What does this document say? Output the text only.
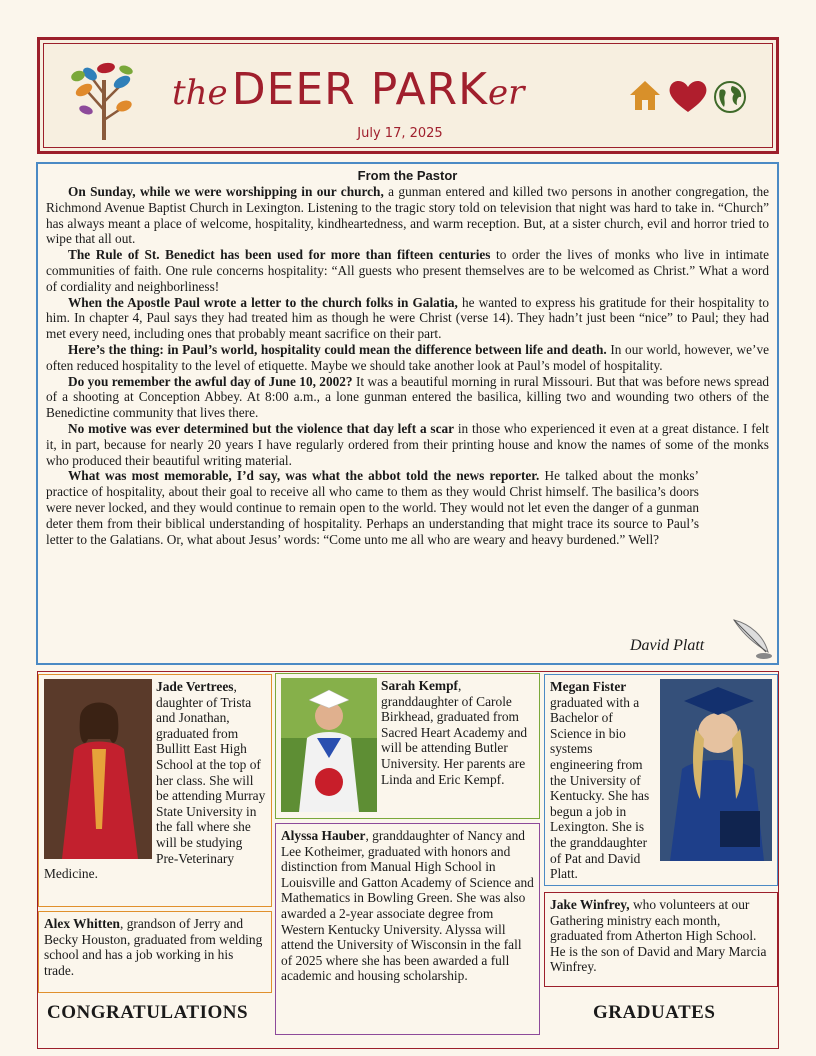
the DEER PARKer
July 17, 2025
From the Pastor

On Sunday, while we were worshipping in our church, a gunman entered and killed two persons in another congregation, the Richmond Avenue Baptist Church in Lexington. Listening to the tragic story told on television that night was hard to take in. “Church” has always meant a place of welcome, hospitality, kindheartedness, and warm reception. But, at a sister church, evil and horror tried to wipe that all out.

The Rule of St. Benedict has been used for more than fifteen centuries to order the lives of monks who live in intimate communities of faith. One rule concerns hospitality: “All guests who present themselves are to be welcomed as Christ.” What a word of cordiality and neighborliness!

When the Apostle Paul wrote a letter to the church folks in Galatia, he wanted to express his gratitude for their hospitality to him. In chapter 4, Paul says they had treated him as though he were Christ (verse 14). They hadn’t just been “nice” to Paul; they had met every need, including ones that probably meant sacrifice on their part.

Here’s the thing: in Paul’s world, hospitality could mean the difference between life and death. In our world, however, we’ve often reduced hospitality to the level of etiquette. Maybe we should take another look at Paul’s model of hospitality.

Do you remember the awful day of June 10, 2002? It was a beautiful morning in rural Missouri. But that was before news spread of a shooting at Conception Abbey. At 8:00 a.m., a lone gunman entered the basilica, killing two and wounding two others of the Benedictine community that lives there.

No motive was ever determined but the violence that day left a scar in those who experienced it even at a great distance. I felt it, in part, because for nearly 20 years I have regularly ordered from their printing house and know the names of some of the monks who produced their beautiful writing material.

What was most memorable, I’d say, was what the abbot told the news reporter. He talked about the monks’ practice of hospitality, about their goal to receive all who came to them as they would Christ himself. The basilica’s doors were never locked, and they would continue to remain open to the world. They would not let even the danger of a gunman deter them from their biblical understanding of hospitality. Perhaps an understanding that might trace its source to Paul’s letter to the Galatians. Or, what about Jesus’ words: “Come unto me all who are weary and heavy burdened.” Well?

David Platt
Jade Vertrees, daughter of Trista and Jonathan, graduated from Bullitt East High School at the top of her class. She will be attending Murray State University in the fall where she will be studying Pre-Veterinary Medicine.
Alex Whitten, grandson of Jerry and Becky Houston, graduated from welding school and has a job working in his trade.
Sarah Kempf, granddaughter of Carole Birkhead, graduated from Sacred Heart Academy and will be attending Butler University. Her parents are Linda and Eric Kempf.
Alyssa Hauber, granddaughter of Nancy and Lee Kotheimer, graduated with honors and distinction from Manual High School in Louisville and Gatton Academy of Science and Mathematics in Bowling Green. She was also awarded a 2-year associate degree from Western Kentucky University. Alyssa will attend the University of Wisconsin in the fall of 2025 where she has been awarded a full academic and housing scholarship.
Megan Fister graduated with a Bachelor of Science in bio systems engineering from the University of Kentucky. She has begun a job in Lexington. She is the granddaughter of Pat and David Platt.
Jake Winfrey, who volunteers at our Gathering ministry each month, graduated from Atherton High School. He is the son of David and Mary Marcia Winfrey.
CONGRATULATIONS	GRADUATES
